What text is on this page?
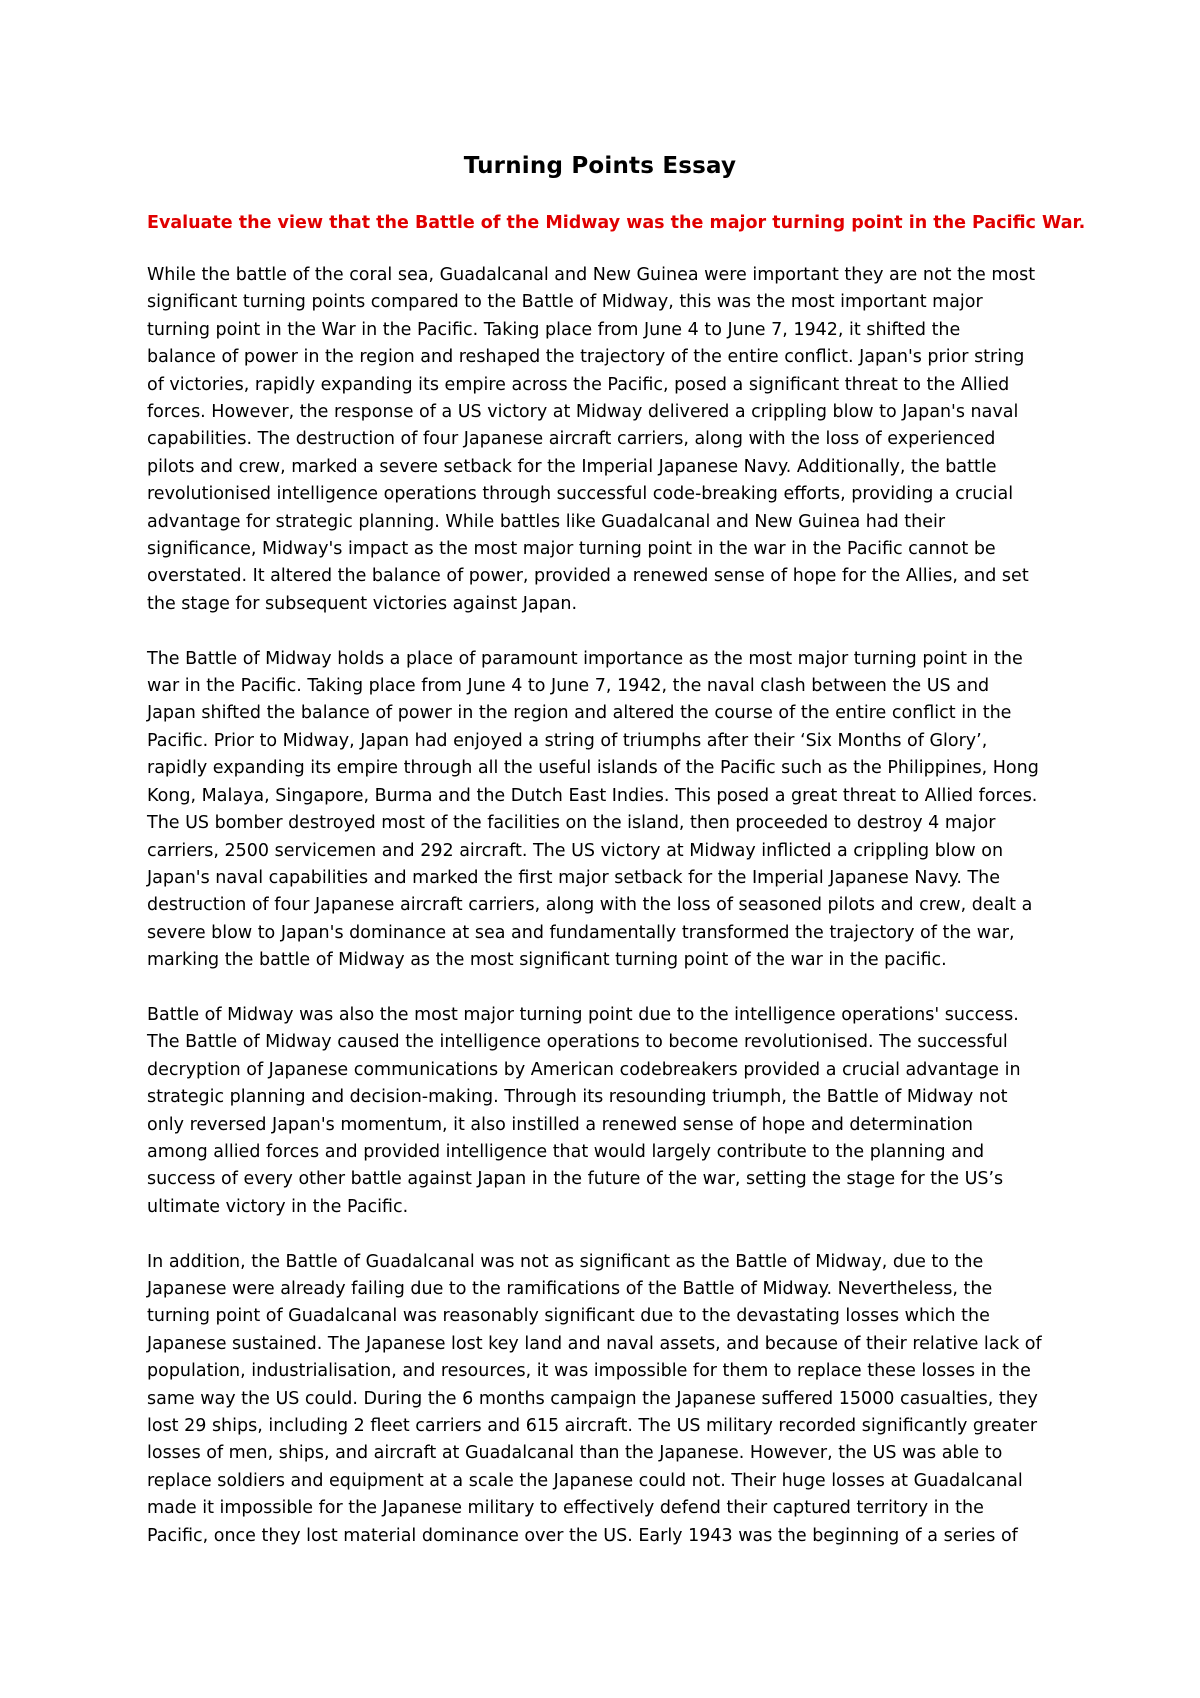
Turning Points Essay
Evaluate the view that the Battle of the Midway was the major turning point in the Pacific War.
While the battle of the coral sea, Guadalcanal and New Guinea were important they are not the most
significant turning points compared to the Battle of Midway, this was the most important major
turning point in the War in the Pacific. Taking place from June 4 to June 7, 1942, it shifted the
balance of power in the region and reshaped the trajectory of the entire conflict. Japan's prior string
of victories, rapidly expanding its empire across the Pacific, posed a significant threat to the Allied
forces. However, the response of a US victory at Midway delivered a crippling blow to Japan's naval
capabilities. The destruction of four Japanese aircraft carriers, along with the loss of experienced
pilots and crew, marked a severe setback for the Imperial Japanese Navy. Additionally, the battle
revolutionised intelligence operations through successful code-breaking efforts, providing a crucial
advantage for strategic planning. While battles like Guadalcanal and New Guinea had their
significance, Midway's impact as the most major turning point in the war in the Pacific cannot be
overstated. It altered the balance of power, provided a renewed sense of hope for the Allies, and set
the stage for subsequent victories against Japan.
The Battle of Midway holds a place of paramount importance as the most major turning point in the
war in the Pacific. Taking place from June 4 to June 7, 1942, the naval clash between the US and
Japan shifted the balance of power in the region and altered the course of the entire conflict in the
Pacific. Prior to Midway, Japan had enjoyed a string of triumphs after their ‘Six Months of Glory’,
rapidly expanding its empire through all the useful islands of the Pacific such as the Philippines, Hong
Kong, Malaya, Singapore, Burma and the Dutch East Indies. This posed a great threat to Allied forces.
The US bomber destroyed most of the facilities on the island, then proceeded to destroy 4 major
carriers, 2500 servicemen and 292 aircraft. The US victory at Midway inflicted a crippling blow on
Japan's naval capabilities and marked the first major setback for the Imperial Japanese Navy. The
destruction of four Japanese aircraft carriers, along with the loss of seasoned pilots and crew, dealt a
severe blow to Japan's dominance at sea and fundamentally transformed the trajectory of the war,
marking the battle of Midway as the most significant turning point of the war in the pacific.
Battle of Midway was also the most major turning point due to the intelligence operations' success.
The Battle of Midway caused the intelligence operations to become revolutionised. The successful
decryption of Japanese communications by American codebreakers provided a crucial advantage in
strategic planning and decision-making. Through its resounding triumph, the Battle of Midway not
only reversed Japan's momentum, it also instilled a renewed sense of hope and determination
among allied forces and provided intelligence that would largely contribute to the planning and
success of every other battle against Japan in the future of the war, setting the stage for the US’s
ultimate victory in the Pacific.
In addition, the Battle of Guadalcanal was not as significant as the Battle of Midway, due to the
Japanese were already failing due to the ramifications of the Battle of Midway. Nevertheless, the
turning point of Guadalcanal was reasonably significant due to the devastating losses which the
Japanese sustained. The Japanese lost key land and naval assets, and because of their relative lack of
population, industrialisation, and resources, it was impossible for them to replace these losses in the
same way the US could. During the 6 months campaign the Japanese suffered 15000 casualties, they
lost 29 ships, including 2 fleet carriers and 615 aircraft. The US military recorded significantly greater
losses of men, ships, and aircraft at Guadalcanal than the Japanese. However, the US was able to
replace soldiers and equipment at a scale the Japanese could not. Their huge losses at Guadalcanal
made it impossible for the Japanese military to effectively defend their captured territory in the
Pacific, once they lost material dominance over the US. Early 1943 was the beginning of a series of
